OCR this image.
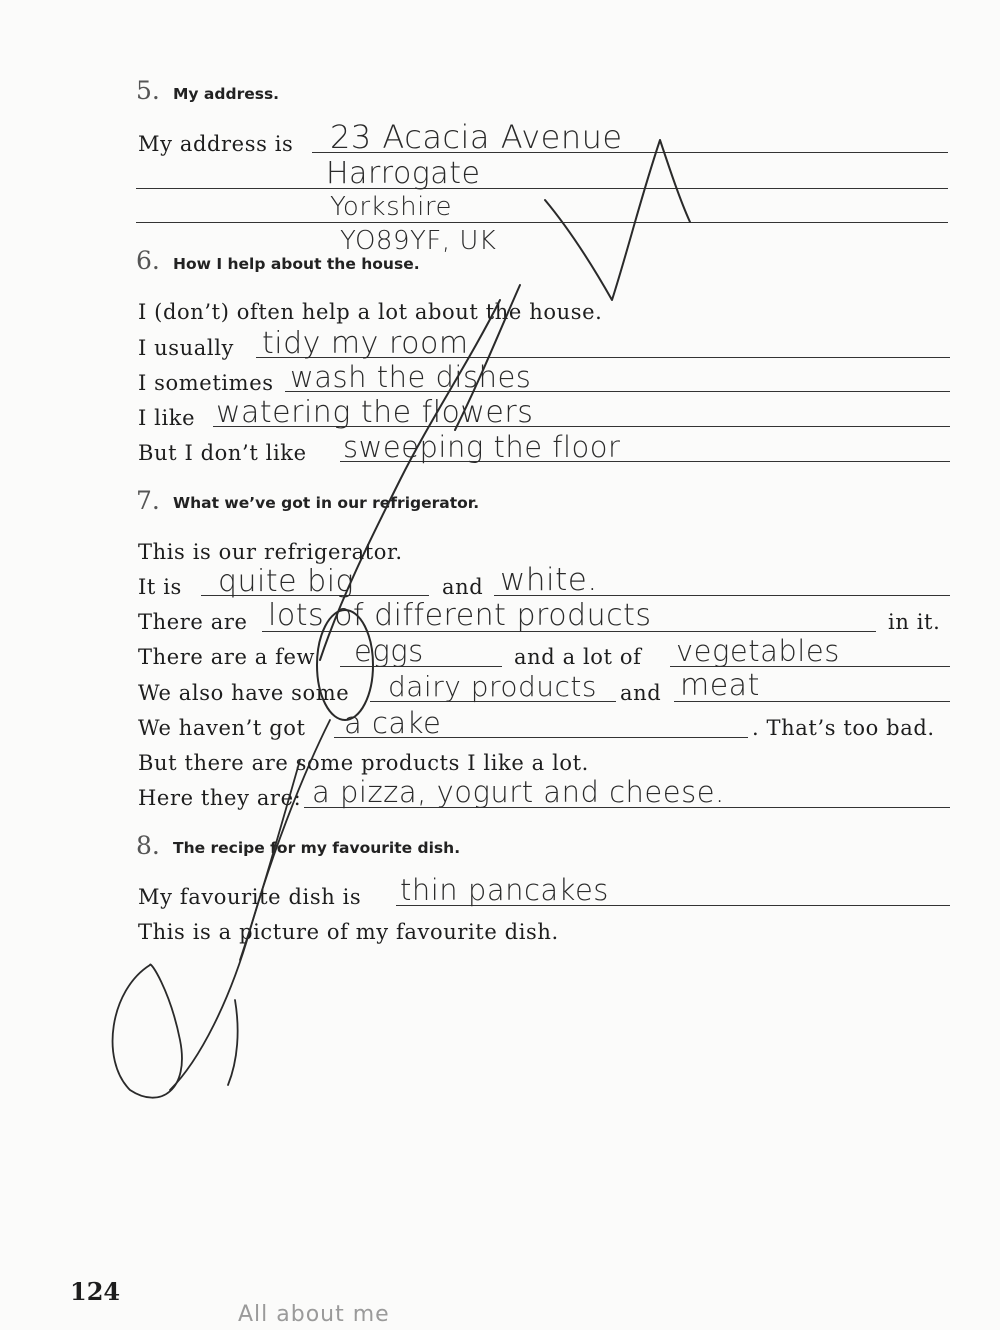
5. My address.
My address is 23 Acacia Avenue
Harrogate
Yorkshire
YO89YF, UK
6. How I help about the house.
I (don’t) often help a lot about the house.
I usually tidy my room
I sometimes wash the dishes
I like watering the flowers
But I don’t like sweeping the floor
7. What we’ve got in our refrigerator.
This is our refrigerator.
It is quite big	and white.
There are lots of different products	in it.
There are a few eggs	and a lot of vegetables
We also have some dairy products and meat
We haven’t got a cake	. That’s too bad.
But there are some products I like a lot.
Here they are: a pizza, yogurt and cheese.
8. The recipe for my favourite dish.
My favourite dish is thin pancakes
This is a picture of my favourite dish.
124
All about me
